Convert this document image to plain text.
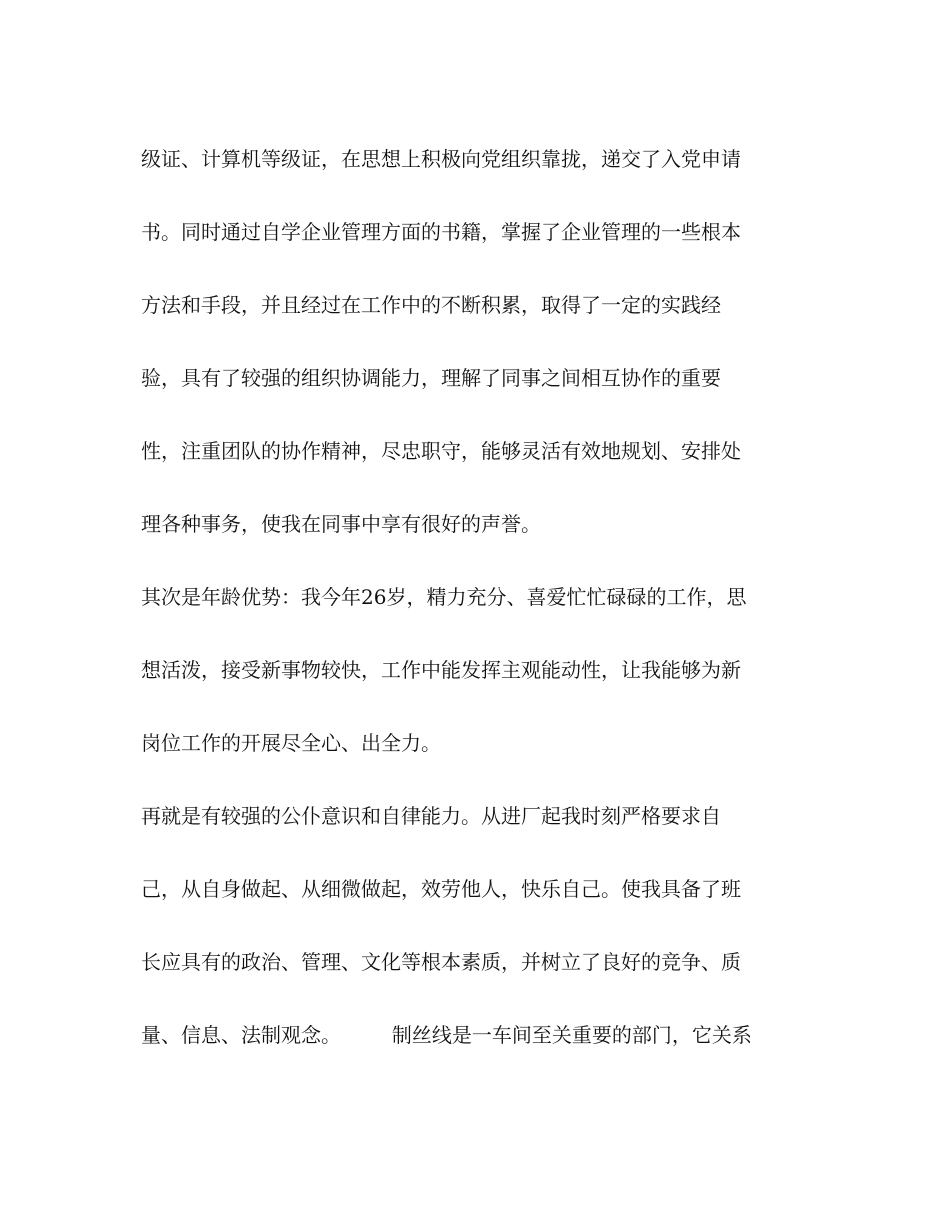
级证、计算机等级证，在思想上积极向党组织靠拢，递交了入党申请
书。同时通过自学企业管理方面的书籍，掌握了企业管理的一些根本
方法和手段，并且经过在工作中的不断积累，取得了一定的实践经
验，具有了较强的组织协调能力，理解了同事之间相互协作的重要
性，注重团队的协作精神，尽忠职守，能够灵活有效地规划、安排处
理各种事务，使我在同事中享有很好的声誉。
其次是年龄优势：我今年26岁，精力充分、喜爱忙忙碌碌的工作，思
想活泼，接受新事物较快，工作中能发挥主观能动性，让我能够为新
岗位工作的开展尽全心、出全力。
再就是有较强的公仆意识和自律能力。从进厂起我时刻严格要求自
己，从自身做起、从细微做起，效劳他人，快乐自己。使我具备了班
长应具有的政治、管理、文化等根本素质，并树立了良好的竞争、质
量、信息、法制观念。        制丝线是一车间至关重要的部门，它关系
